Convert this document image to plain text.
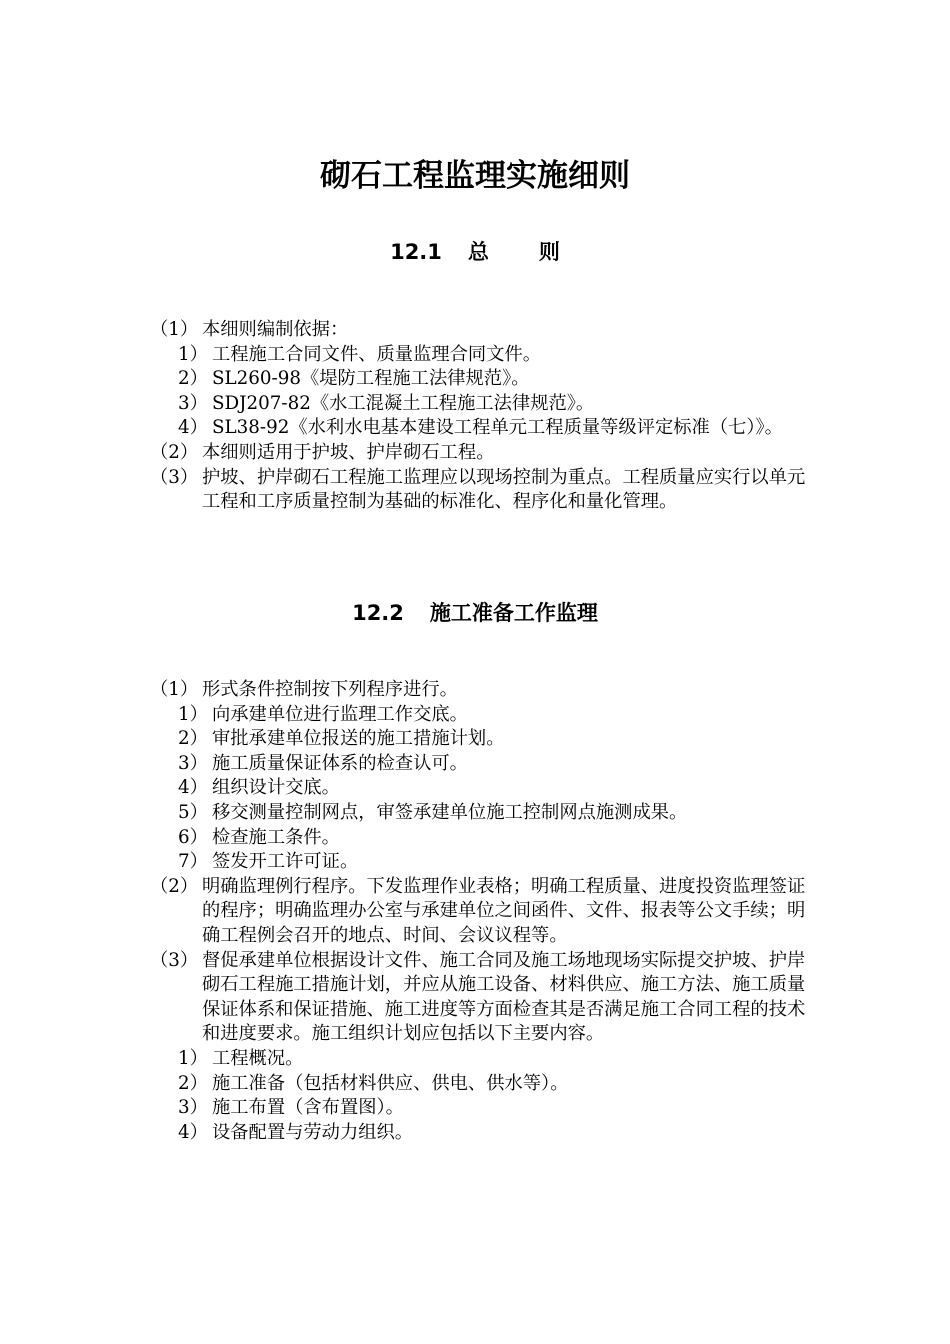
砌石工程监理实施细则
12.1 总则
（1） 本细则编制依据：
1） 工程施工合同文件、质量监理合同文件。
2） SL260-98《堤防工程施工法律规范》。
3） SDJ207-82《水工混凝土工程施工法律规范》。
4） SL38-92《水利水电基本建设工程单元工程质量等级评定标准（七）》。
（2） 本细则适用于护坡、护岸砌石工程。
（3） 护坡、护岸砌石工程施工监理应以现场控制为重点。工程质量应实行以单元工程和工序质量控制为基础的标准化、程序化和量化管理。
12.2 施工准备工作监理
（1） 形式条件控制按下列程序进行。
1） 向承建单位进行监理工作交底。
2） 审批承建单位报送的施工措施计划。
3） 施工质量保证体系的检查认可。
4） 组织设计交底。
5） 移交测量控制网点，审签承建单位施工控制网点施测成果。
6） 检查施工条件。
7） 签发开工许可证。
（2） 明确监理例行程序。下发监理作业表格；明确工程质量、进度投资监理签证的程序；明确监理办公室与承建单位之间函件、文件、报表等公文手续；明确工程例会召开的地点、时间、会议议程等。
（3） 督促承建单位根据设计文件、施工合同及施工场地现场实际提交护坡、护岸砌石工程施工措施计划，并应从施工设备、材料供应、施工方法、施工质量保证体系和保证措施、施工进度等方面检查其是否满足施工合同工程的技术和进度要求。施工组织计划应包括以下主要内容。
1） 工程概况。
2） 施工准备（包括材料供应、供电、供水等）。
3） 施工布置（含布置图）。
4） 设备配置与劳动力组织。
